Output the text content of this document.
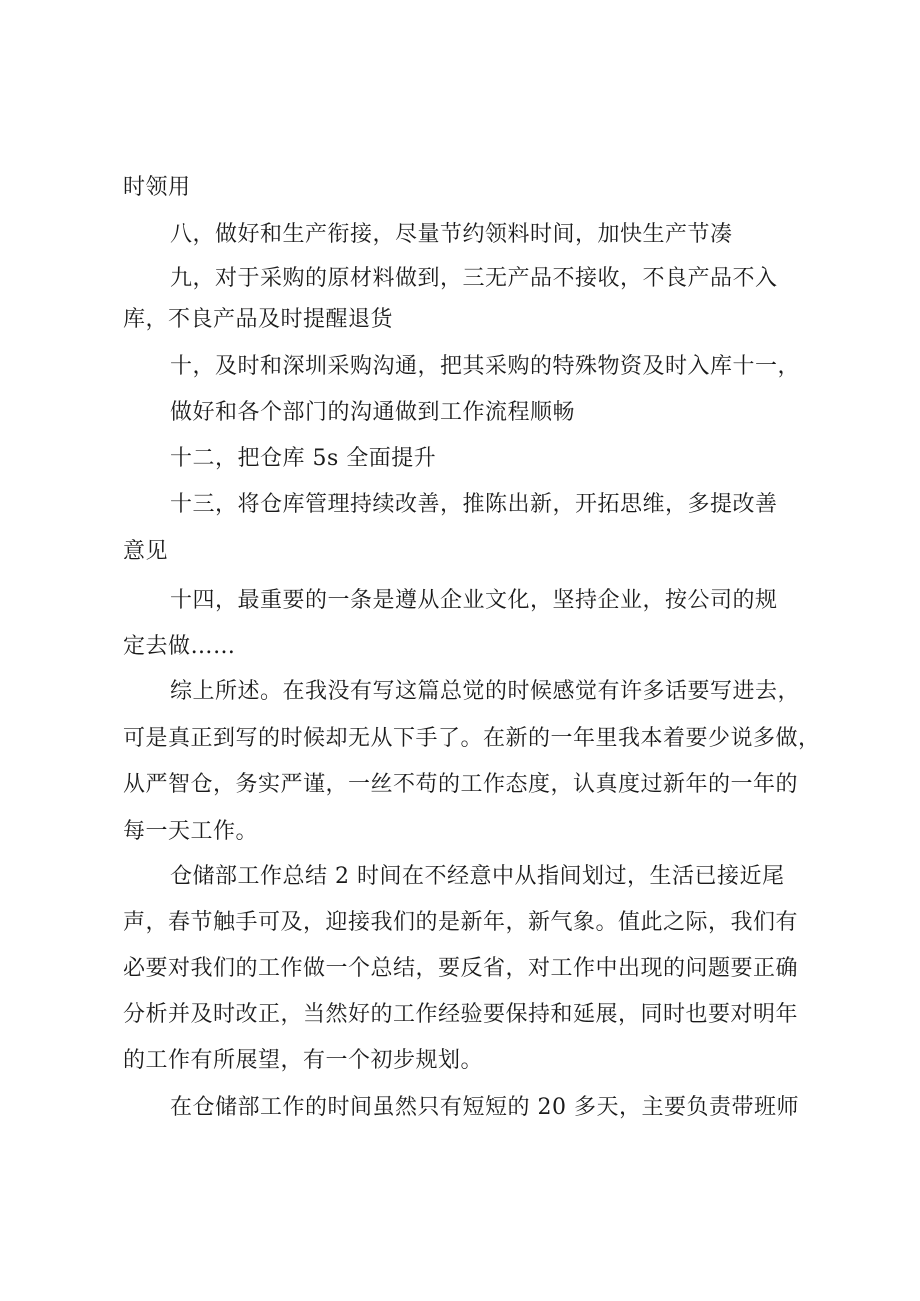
时领用

八，做好和生产衔接，尽量节约领料时间，加快生产节凑

九，对于采购的原材料做到，三无产品不接收，不良产品不入

库，不良产品及时提醒退货

十，及时和深圳采购沟通，把其采购的特殊物资及时入库十一，

做好和各个部门的沟通做到工作流程顺畅

十二，把仓库 5s 全面提升

十三，将仓库管理持续改善，推陈出新，开拓思维，多提改善

意见

十四，最重要的一条是遵从企业文化，坚持企业，按公司的规

定去做……

综上所述。在我没有写这篇总觉的时候感觉有许多话要写进去，

可是真正到写的时候却无从下手了。在新的一年里我本着要少说多做，

从严智仓，务实严谨，一丝不苟的工作态度，认真度过新年的一年的

每一天工作。

仓储部工作总结 2 时间在不经意中从指间划过，生活已接近尾

声，春节触手可及，迎接我们的是新年，新气象。值此之际，我们有

必要对我们的工作做一个总结，要反省，对工作中出现的问题要正确

分析并及时改正，当然好的工作经验要保持和延展，同时也要对明年

的工作有所展望，有一个初步规划。

在仓储部工作的时间虽然只有短短的 20 多天，主要负责带班师
